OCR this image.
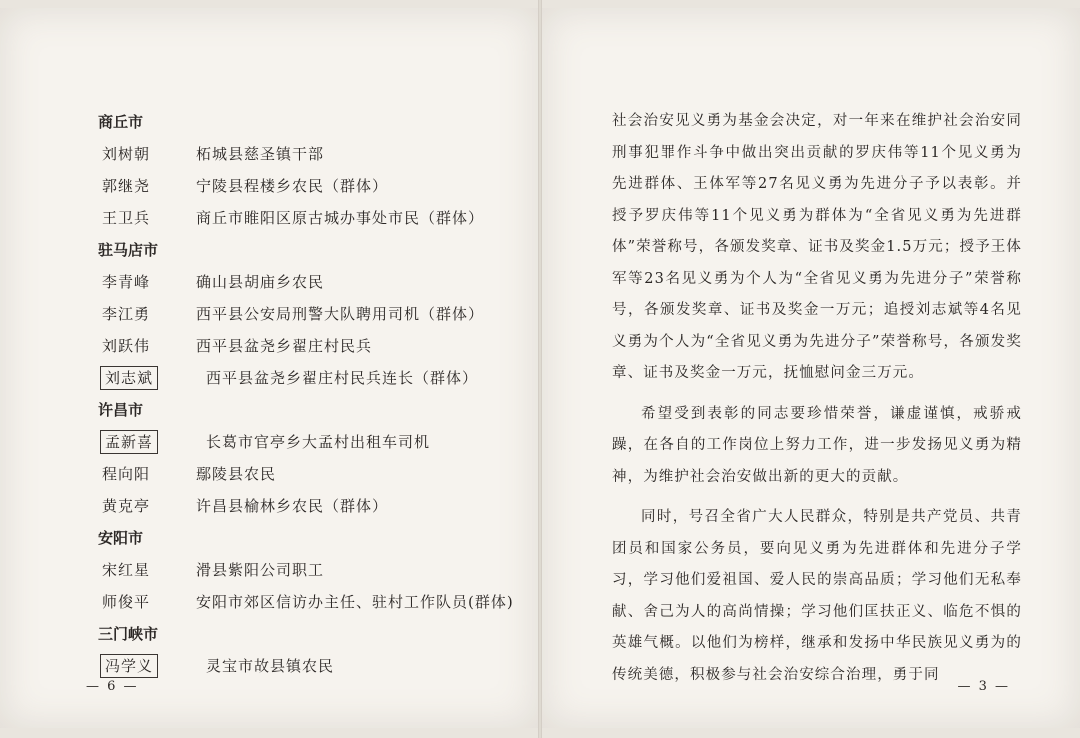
商丘市
刘树朝	柘城县慈圣镇干部
郭继尧	宁陵县程楼乡农民（群体）
王卫兵	商丘市睢阳区原古城办事处市民（群体）
驻马店市
李青峰	确山县胡庙乡农民
李江勇	西平县公安局刑警大队聘用司机（群体）
刘跃伟	西平县盆尧乡翟庄村民兵
刘志斌	西平县盆尧乡翟庄村民兵连长（群体）
许昌市
孟新喜	长葛市官亭乡大孟村出租车司机
程向阳	鄢陵县农民
黄克亭	许昌县榆林乡农民（群体）
安阳市
宋红星	滑县紫阳公司职工
师俊平	安阳市郊区信访办主任、驻村工作队员(群体)
三门峡市
冯学义	灵宝市故县镇农民
— 6 —

社会治安见义勇为基金会决定，对一年来在维护社会治安同刑事犯罪作斗争中做出突出贡献的罗庆伟等11个见义勇为先进群体、王体军等27名见义勇为先进分子予以表彰。并授予罗庆伟等11个见义勇为群体为“全省见义勇为先进群体”荣誉称号，各颁发奖章、证书及奖金1.5万元；授予王体军等23名见义勇为个人为“全省见义勇为先进分子”荣誉称号，各颁发奖章、证书及奖金一万元；追授刘志斌等4名见义勇为个人为“全省见义勇为先进分子”荣誉称号，各颁发奖章、证书及奖金一万元，抚恤慰问金三万元。

希望受到表彰的同志要珍惜荣誉，谦虚谨慎，戒骄戒躁，在各自的工作岗位上努力工作，进一步发扬见义勇为精神，为维护社会治安做出新的更大的贡献。

同时，号召全省广大人民群众，特别是共产党员、共青团员和国家公务员，要向见义勇为先进群体和先进分子学习，学习他们爱祖国、爱人民的崇高品质；学习他们无私奉献、舍己为人的高尚情操；学习他们匡扶正义、临危不惧的英雄气概。以他们为榜样，继承和发扬中华民族见义勇为的传统美德，积极参与社会治安综合治理，勇于同

— 3 —
